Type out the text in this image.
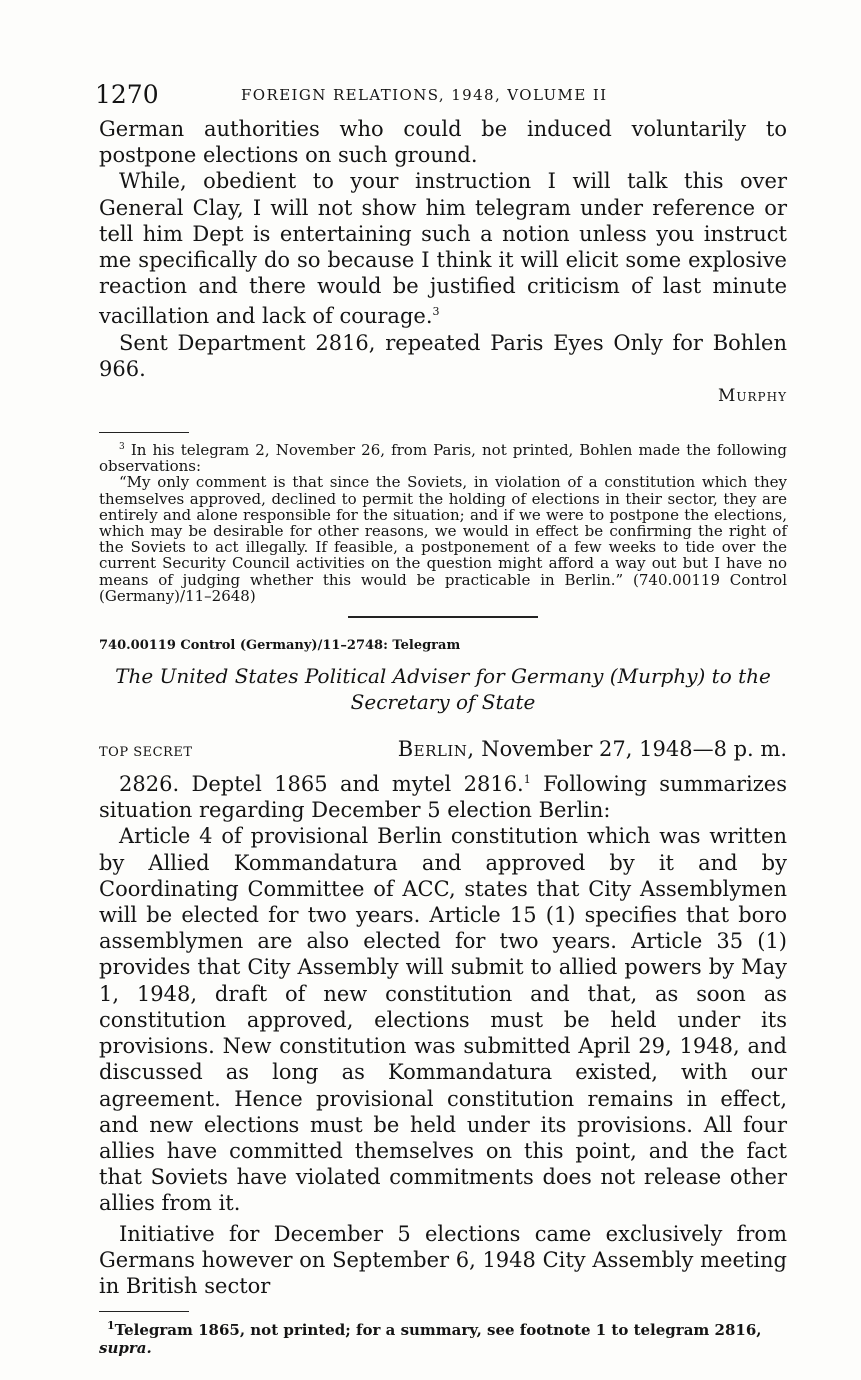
1270	FOREIGN RELATIONS, 1948, VOLUME II

German authorities who could be induced voluntarily to postpone elections on such ground.

While, obedient to your instruction I will talk this over General Clay, I will not show him telegram under reference or tell him Dept is entertaining such a notion unless you instruct me specifically do so because I think it will elicit some explosive reaction and there would be justified criticism of last minute vacillation and lack of courage.$^3$

Sent Department 2816, repeated Paris Eyes Only for Bohlen 966.

Murphy

$^3$ In his telegram 2, November 26, from Paris, not printed, Bohlen made the following observations:

“My only comment is that since the Soviets, in violation of a constitution which they themselves approved, declined to permit the holding of elections in their sector, they are entirely and alone responsible for the situation; and if we were to postpone the elections, which may be desirable for other reasons, we would in effect be confirming the right of the Soviets to act illegally. If feasible, a postponement of a few weeks to tide over the current Security Council activities on the question might afford a way out but I have no means of judging whether this would be practicable in Berlin.” (740.00119 Control (Germany)/11–2648)

740.00119 Control (Germany)/11–2748: Telegram

The United States Political Adviser for Germany (Murphy) to the
Secretary of State

TOP SECRET	Berlin, November 27, 1948—8 p. m.

2826. Deptel 1865 and mytel 2816.$^1$ Following summarizes situation regarding December 5 election Berlin:

Article 4 of provisional Berlin constitution which was written by Allied Kommandatura and approved by it and by Coordinating Committee of ACC, states that City Assemblymen will be elected for two years. Article 15 (1) specifies that boro assemblymen are also elected for two years. Article 35 (1) provides that City Assembly will submit to allied powers by May 1, 1948, draft of new constitution and that, as soon as constitution approved, elections must be held under its provisions. New constitution was submitted April 29, 1948, and discussed as long as Kommandatura existed, with our agreement. Hence provisional constitution remains in effect, and new elections must be held under its provisions. All four allies have committed themselves on this point, and the fact that Soviets have violated commitments does not release other allies from it.

Initiative for December 5 elections came exclusively from Germans however on September 6, 1948 City Assembly meeting in British sector

$^1$Telegram 1865, not printed; for a summary, see footnote 1 to telegram 2816, supra.
